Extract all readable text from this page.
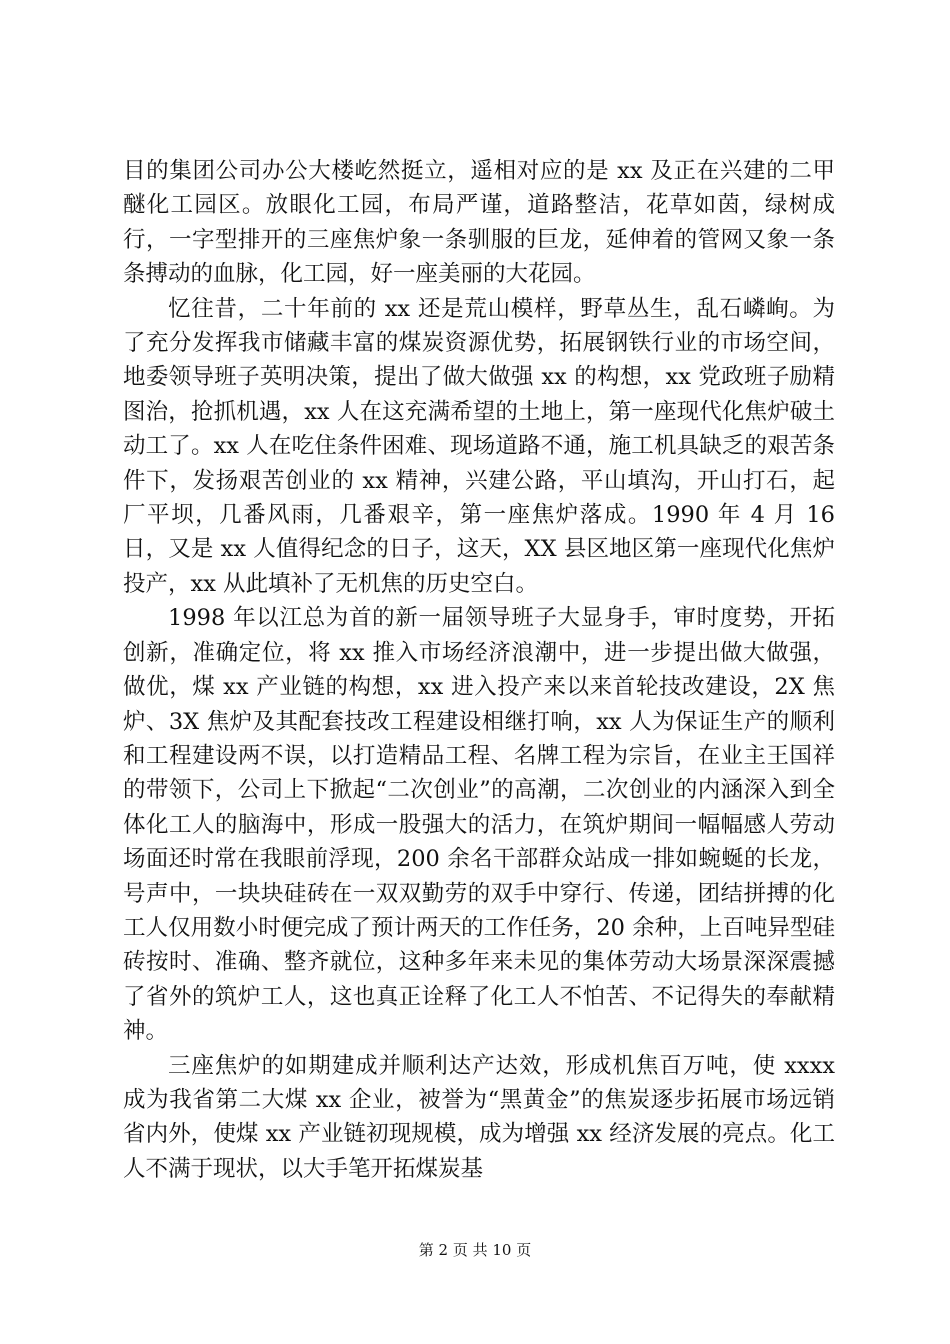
目的集团公司办公大楼屹然挺立，遥相对应的是 xx 及正在兴建的二甲醚化工园区。放眼化工园，布局严谨，道路整洁，花草如茵，绿树成行，一字型排开的三座焦炉象一条驯服的巨龙，延伸着的管网又象一条条搏动的血脉，化工园，好一座美丽的大花园。

忆往昔，二十年前的 xx 还是荒山模样，野草丛生，乱石嶙峋。为了充分发挥我市储藏丰富的煤炭资源优势，拓展钢铁行业的市场空间，地委领导班子英明决策，提出了做大做强 xx 的构想，xx 党政班子励精图治，抢抓机遇，xx 人在这充满希望的土地上，第一座现代化焦炉破土动工了。xx 人在吃住条件困难、现场道路不通，施工机具缺乏的艰苦条件下，发扬艰苦创业的 xx 精神，兴建公路，平山填沟，开山打石，起厂平坝，几番风雨，几番艰辛，第一座焦炉落成。1990 年 4 月 16 日，又是 xx 人值得纪念的日子，这天，XX 县区地区第一座现代化焦炉投产，xx 从此填补了无机焦的历史空白。

1998 年以江总为首的新一届领导班子大显身手，审时度势，开拓创新，准确定位，将 xx 推入市场经济浪潮中，进一步提出做大做强，做优，煤 xx 产业链的构想，xx 进入投产来以来首轮技改建设，2X 焦炉、3X 焦炉及其配套技改工程建设相继打响，xx 人为保证生产的顺利和工程建设两不误，以打造精品工程、名牌工程为宗旨，在业主王国祥的带领下，公司上下掀起“二次创业”的高潮，二次创业的内涵深入到全体化工人的脑海中，形成一股强大的活力，在筑炉期间一幅幅感人劳动场面还时常在我眼前浮现，200 余名干部群众站成一排如蜿蜒的长龙，号声中，一块块硅砖在一双双勤劳的双手中穿行、传递，团结拼搏的化工人仅用数小时便完成了预计两天的工作任务，20 余种，上百吨异型硅砖按时、准确、整齐就位，这种多年来未见的集体劳动大场景深深震撼了省外的筑炉工人，这也真正诠释了化工人不怕苦、不记得失的奉献精神。

三座焦炉的如期建成并顺利达产达效，形成机焦百万吨，使 xxxx 成为我省第二大煤 xx 企业，被誉为“黑黄金”的焦炭逐步拓展市场远销省内外，使煤 xx 产业链初现规模，成为增强 xx 经济发展的亮点。化工人不满于现状，以大手笔开拓煤炭基

第 2 页 共 10 页
